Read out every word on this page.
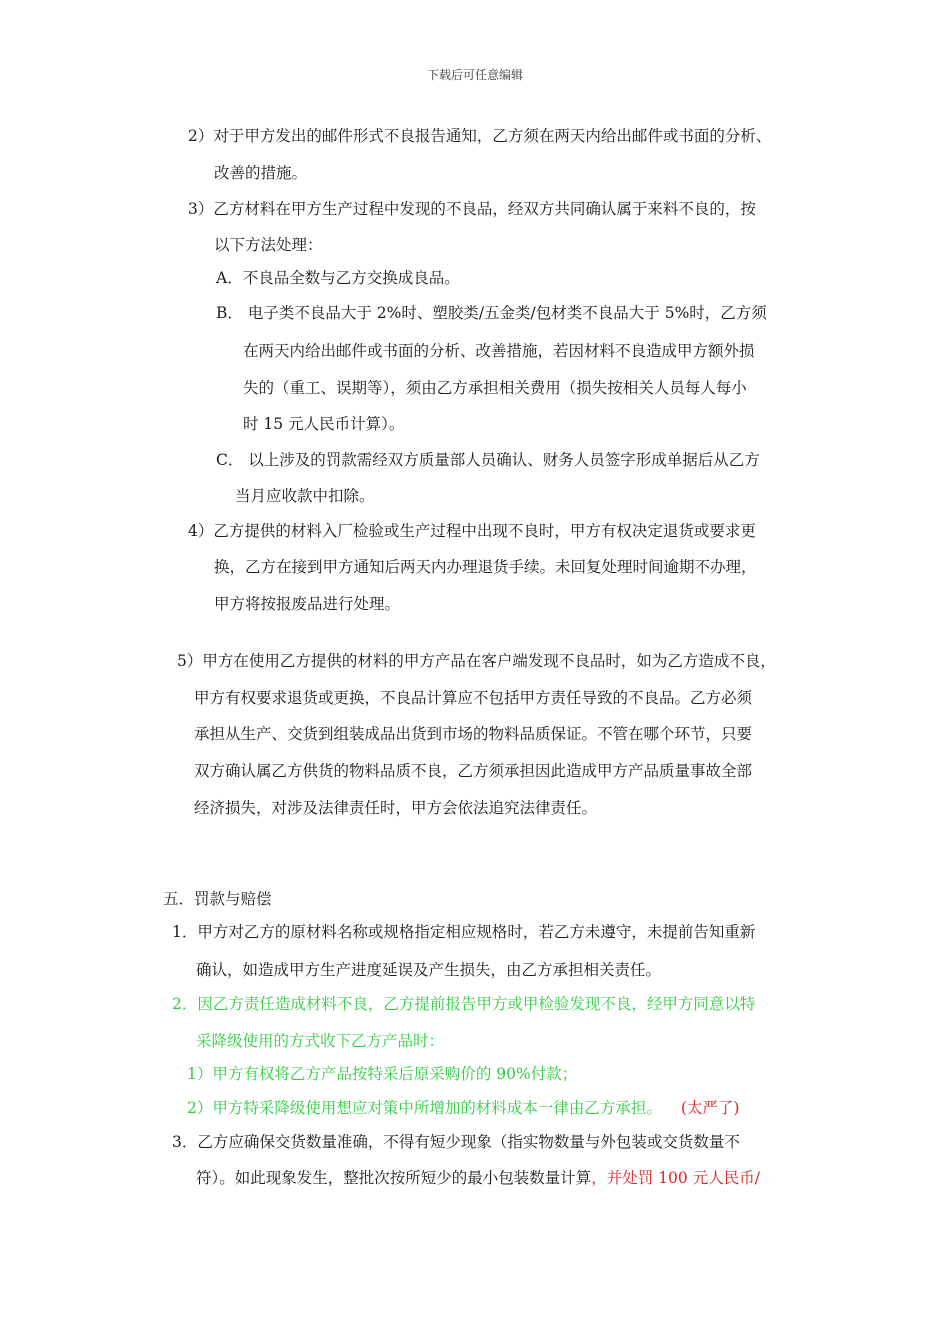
下载后可任意编辑
2）对于甲方发出的邮件形式不良报告通知，乙方须在两天内给出邮件或书面的分析、
改善的措施。
3）乙方材料在甲方生产过程中发现的不良品，经双方共同确认属于来料不良的，按
以下方法处理：
A．不良品全数与乙方交换成良品。
B． 电子类不良品大于 2%时、塑胶类/五金类/包材类不良品大于 5%时，乙方须
在两天内给出邮件或书面的分析、改善措施，若因材料不良造成甲方额外损
失的（重工、误期等），须由乙方承担相关费用（损失按相关人员每人每小
时 15 元人民币计算）。
C． 以上涉及的罚款需经双方质量部人员确认、财务人员签字形成单据后从乙方
当月应收款中扣除。
4）乙方提供的材料入厂检验或生产过程中出现不良时，甲方有权决定退货或要求更
换，乙方在接到甲方通知后两天内办理退货手续。未回复处理时间逾期不办理，
甲方将按报废品进行处理。
5）甲方在使用乙方提供的材料的甲方产品在客户端发现不良品时，如为乙方造成不良，
甲方有权要求退货或更换，不良品计算应不包括甲方责任导致的不良品。乙方必须
承担从生产、交货到组装成品出货到市场的物料品质保证。不管在哪个环节，只要
双方确认属乙方供货的物料品质不良，乙方须承担因此造成甲方产品质量事故全部
经济损失，对涉及法律责任时，甲方会依法追究法律责任。
五．罚款与赔偿
1．甲方对乙方的原材料名称或规格指定相应规格时，若乙方未遵守，未提前告知重新
确认，如造成甲方生产进度延误及产生损失，由乙方承担相关责任。
2．因乙方责任造成材料不良，乙方提前报告甲方或甲检验发现不良，经甲方同意以特
采降级使用的方式收下乙方产品时：
1）甲方有权将乙方产品按特采后原采购价的 90%付款；
2）甲方特采降级使用想应对策中所增加的材料成本一律由乙方承担。 (太严了)
3．乙方应确保交货数量准确，不得有短少现象（指实物数量与外包装或交货数量不
符）。如此现象发生，整批次按所短少的最小包装数量计算，并处罚 100 元人民币/
